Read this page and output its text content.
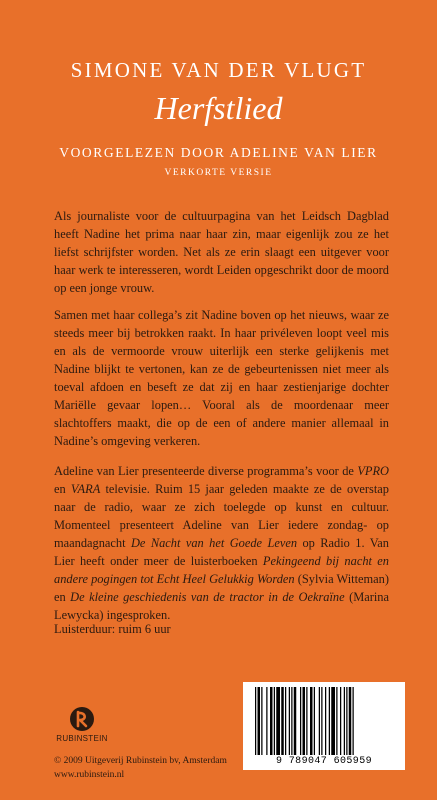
SIMONE VAN DER VLUGT
Herfstlied
VOORGELEZEN DOOR ADELINE VAN LIER
VERKORTE VERSIE
Als journaliste voor de cultuurpagina van het Leidsch Dagblad heeft Nadine het prima naar haar zin, maar eigenlijk zou ze het liefst schrijfster worden. Net als ze erin slaagt een uitgever voor haar werk te interesseren, wordt Leiden opgeschrikt door de moord op een jonge vrouw.
Samen met haar collega’s zit Nadine boven op het nieuws, waar ze steeds meer bij betrokken raakt. In haar privéleven loopt veel mis en als de vermoorde vrouw uiterlijk een sterke gelijkenis met Nadine blijkt te vertonen, kan ze de gebeurtenissen niet meer als toeval afdoen en beseft ze dat zij en haar zestienjarige dochter Mariëlle gevaar lopen… Vooral als de moordenaar meer slachtoffers maakt, die op de een of andere manier allemaal in Nadine’s omgeving verkeren.
Adeline van Lier presenteerde diverse programma’s voor de VPRO en VARA televisie. Ruim 15 jaar geleden maakte ze de overstap naar de radio, waar ze zich toelegde op kunst en cultuur. Momenteel presenteert Adeline van Lier iedere zondag- op maandagnacht De Nacht van het Goede Leven op Radio 1. Van Lier heeft onder meer de luisterboeken Pekingeend bij nacht en andere pogingen tot Echt Heel Gelukkig Worden (Sylvia Witteman) en De kleine geschiedenis van de tractor in de Oekraïne (Marina Lewycka) ingesproken.
Luisterduur: ruim 6 uur
RUBINSTEIN
© 2009 Uitgeverij Rubinstein bv, Amsterdam
www.rubinstein.nl
9 789047 605959
